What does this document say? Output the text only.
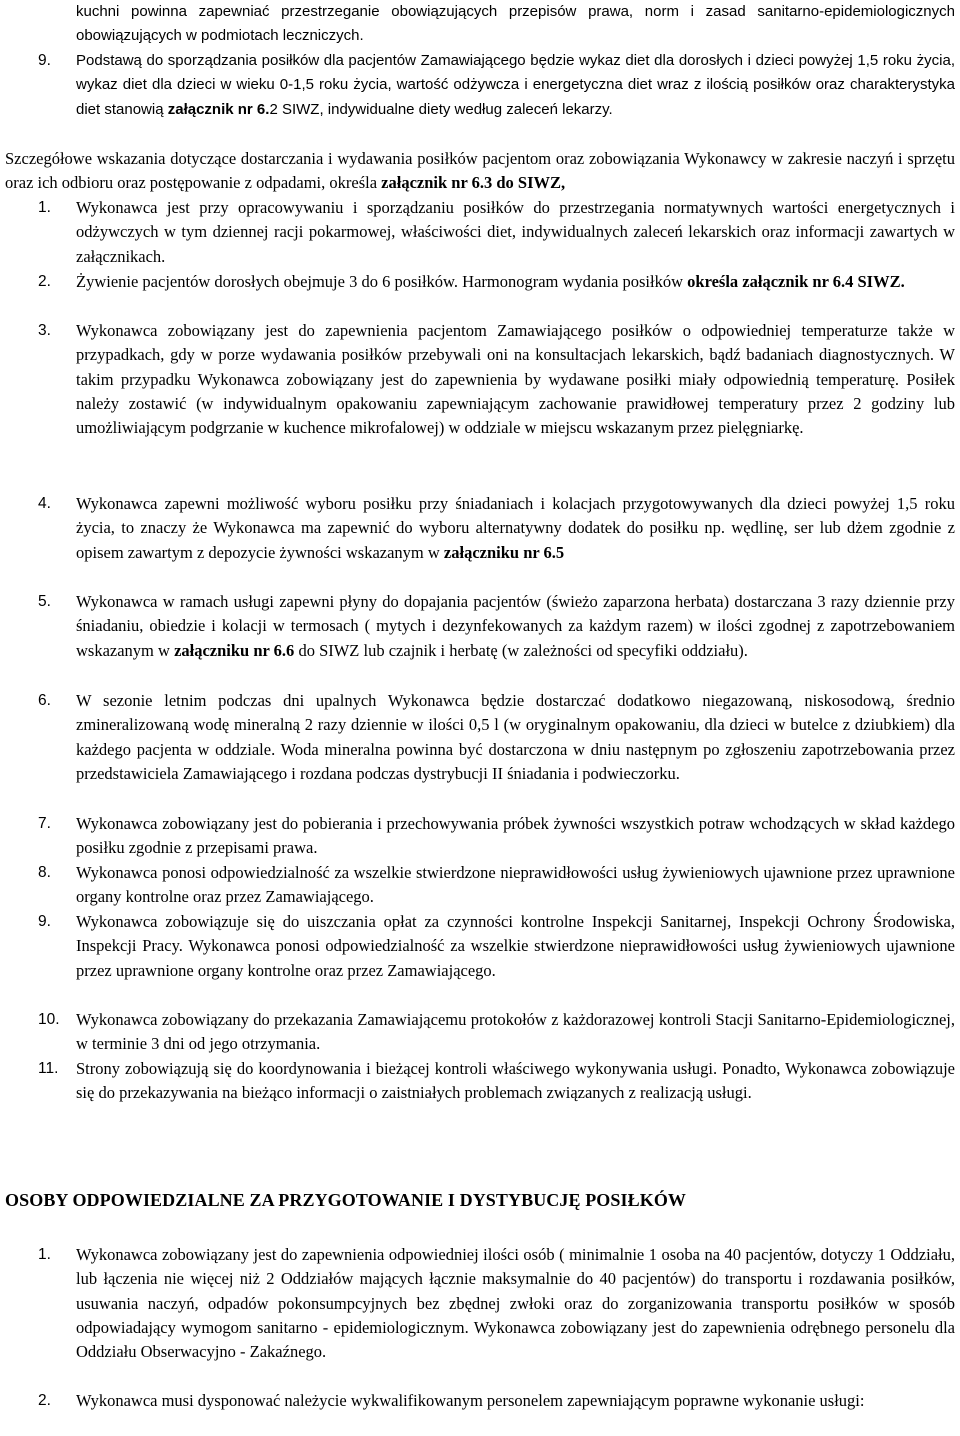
kuchni powinna zapewniać przestrzeganie obowiązujących przepisów prawa, norm i zasad sanitarno-epidemiologicznych obowiązujących w podmiotach leczniczych.

9.	Podstawą do sporządzania posiłków dla pacjentów Zamawiającego będzie wykaz diet dla dorosłych i dzieci powyżej 1,5 roku życia, wykaz diet dla dzieci w wieku 0-1,5 roku życia, wartość odżywcza i energetyczna diet wraz z ilością posiłków oraz charakterystyka diet stanowią załącznik nr 6.2 SIWZ, indywidualne diety według zaleceń lekarzy.

Szczegółowe wskazania dotyczące dostarczania i wydawania posiłków pacjentom oraz zobowiązania Wykonawcy w zakresie naczyń i sprzętu oraz ich odbioru oraz postępowanie z odpadami, określa załącznik nr 6.3 do SIWZ,

1.	Wykonawca jest przy opracowywaniu i sporządzaniu posiłków do przestrzegania normatywnych wartości energetycznych i odżywczych w tym dziennej racji pokarmowej, właściwości diet, indywidualnych zaleceń lekarskich oraz informacji zawartych w załącznikach.

2.	Żywienie pacjentów dorosłych obejmuje 3 do 6 posiłków. Harmonogram wydania posiłków określa załącznik nr 6.4 SIWZ.

3.	Wykonawca zobowiązany jest do zapewnienia pacjentom Zamawiającego posiłków o odpowiedniej temperaturze także w przypadkach, gdy w porze wydawania posiłków przebywali oni na konsultacjach lekarskich, bądź badaniach diagnostycznych. W takim przypadku Wykonawca zobowiązany jest do zapewnienia by wydawane posiłki miały odpowiednią temperaturę. Posiłek należy zostawić (w indywidualnym opakowaniu zapewniającym zachowanie prawidłowej temperatury przez 2 godziny lub umożliwiającym podgrzanie w kuchence mikrofalowej) w oddziale w miejscu wskazanym przez pielęgniarkę.

4.	Wykonawca zapewni możliwość wyboru posiłku przy śniadaniach i kolacjach przygotowywanych dla dzieci powyżej 1,5 roku życia, to znaczy że Wykonawca ma zapewnić do wyboru alternatywny dodatek do posiłku np. wędlinę, ser lub dżem zgodnie z opisem zawartym z depozycie żywności wskazanym w załączniku nr 6.5

5.	Wykonawca w ramach usługi zapewni płyny do dopajania pacjentów (świeżo zaparzona herbata) dostarczana 3 razy dziennie przy śniadaniu, obiedzie i kolacji w termosach ( mytych i dezynfekowanych za każdym razem) w ilości zgodnej z zapotrzebowaniem wskazanym w załączniku nr 6.6 do SIWZ lub czajnik i herbatę (w zależności od specyfiki oddziału).

6.	W sezonie letnim podczas dni upalnych Wykonawca będzie dostarczać dodatkowo niegazowaną, niskosodową, średnio zmineralizowaną wodę mineralną 2 razy dziennie w ilości 0,5 l (w oryginalnym opakowaniu, dla dzieci w butelce z dziubkiem) dla każdego pacjenta w oddziale. Woda mineralna powinna być dostarczona w dniu następnym po zgłoszeniu zapotrzebowania przez przedstawiciela Zamawiającego i rozdana podczas dystrybucji II śniadania i podwieczorku.

7.	Wykonawca zobowiązany jest do pobierania i przechowywania próbek żywności wszystkich potraw wchodzących w skład każdego posiłku zgodnie z przepisami prawa.

8.	Wykonawca ponosi odpowiedzialność za wszelkie stwierdzone nieprawidłowości usług żywieniowych ujawnione przez uprawnione organy kontrolne oraz przez Zamawiającego.

9.	Wykonawca zobowiązuje się do uiszczania opłat za czynności kontrolne Inspekcji Sanitarnej, Inspekcji Ochrony Środowiska, Inspekcji Pracy. Wykonawca ponosi odpowiedzialność za wszelkie stwierdzone nieprawidłowości usług żywieniowych ujawnione przez uprawnione organy kontrolne oraz przez Zamawiającego.

10. Wykonawca zobowiązany do przekazania Zamawiającemu protokołów z każdorazowej kontroli Stacji Sanitarno-Epidemiologicznej, w terminie 3 dni od jego otrzymania.

11.	Strony zobowiązują się do koordynowania i bieżącej kontroli właściwego wykonywania usługi. Ponadto, Wykonawca zobowiązuje się do przekazywania na bieżąco informacji o zaistniałych problemach związanych z realizacją usługi.

OSOBY ODPOWIEDZIALNE ZA PRZYGOTOWANIE I DYSTYBUCJĘ POSIŁKÓW
1.	Wykonawca zobowiązany jest do zapewnienia odpowiedniej ilości osób ( minimalnie 1 osoba na 40 pacjentów, dotyczy 1 Oddziału, lub łączenia nie więcej niż 2 Oddziałów mających łącznie maksymalnie do 40 pacjentów) do transportu i rozdawania posiłków, usuwania naczyń, odpadów pokonsumpcyjnych bez zbędnej zwłoki oraz do zorganizowania transportu posiłków w sposób odpowiadający wymogom sanitarno - epidemiologicznym. Wykonawca zobowiązany jest do zapewnienia odrębnego personelu dla Oddziału Obserwacyjno - Zakaźnego.

2.	Wykonawca musi dysponować należycie wykwalifikowanym personelem zapewniającym poprawne wykonanie usługi:
